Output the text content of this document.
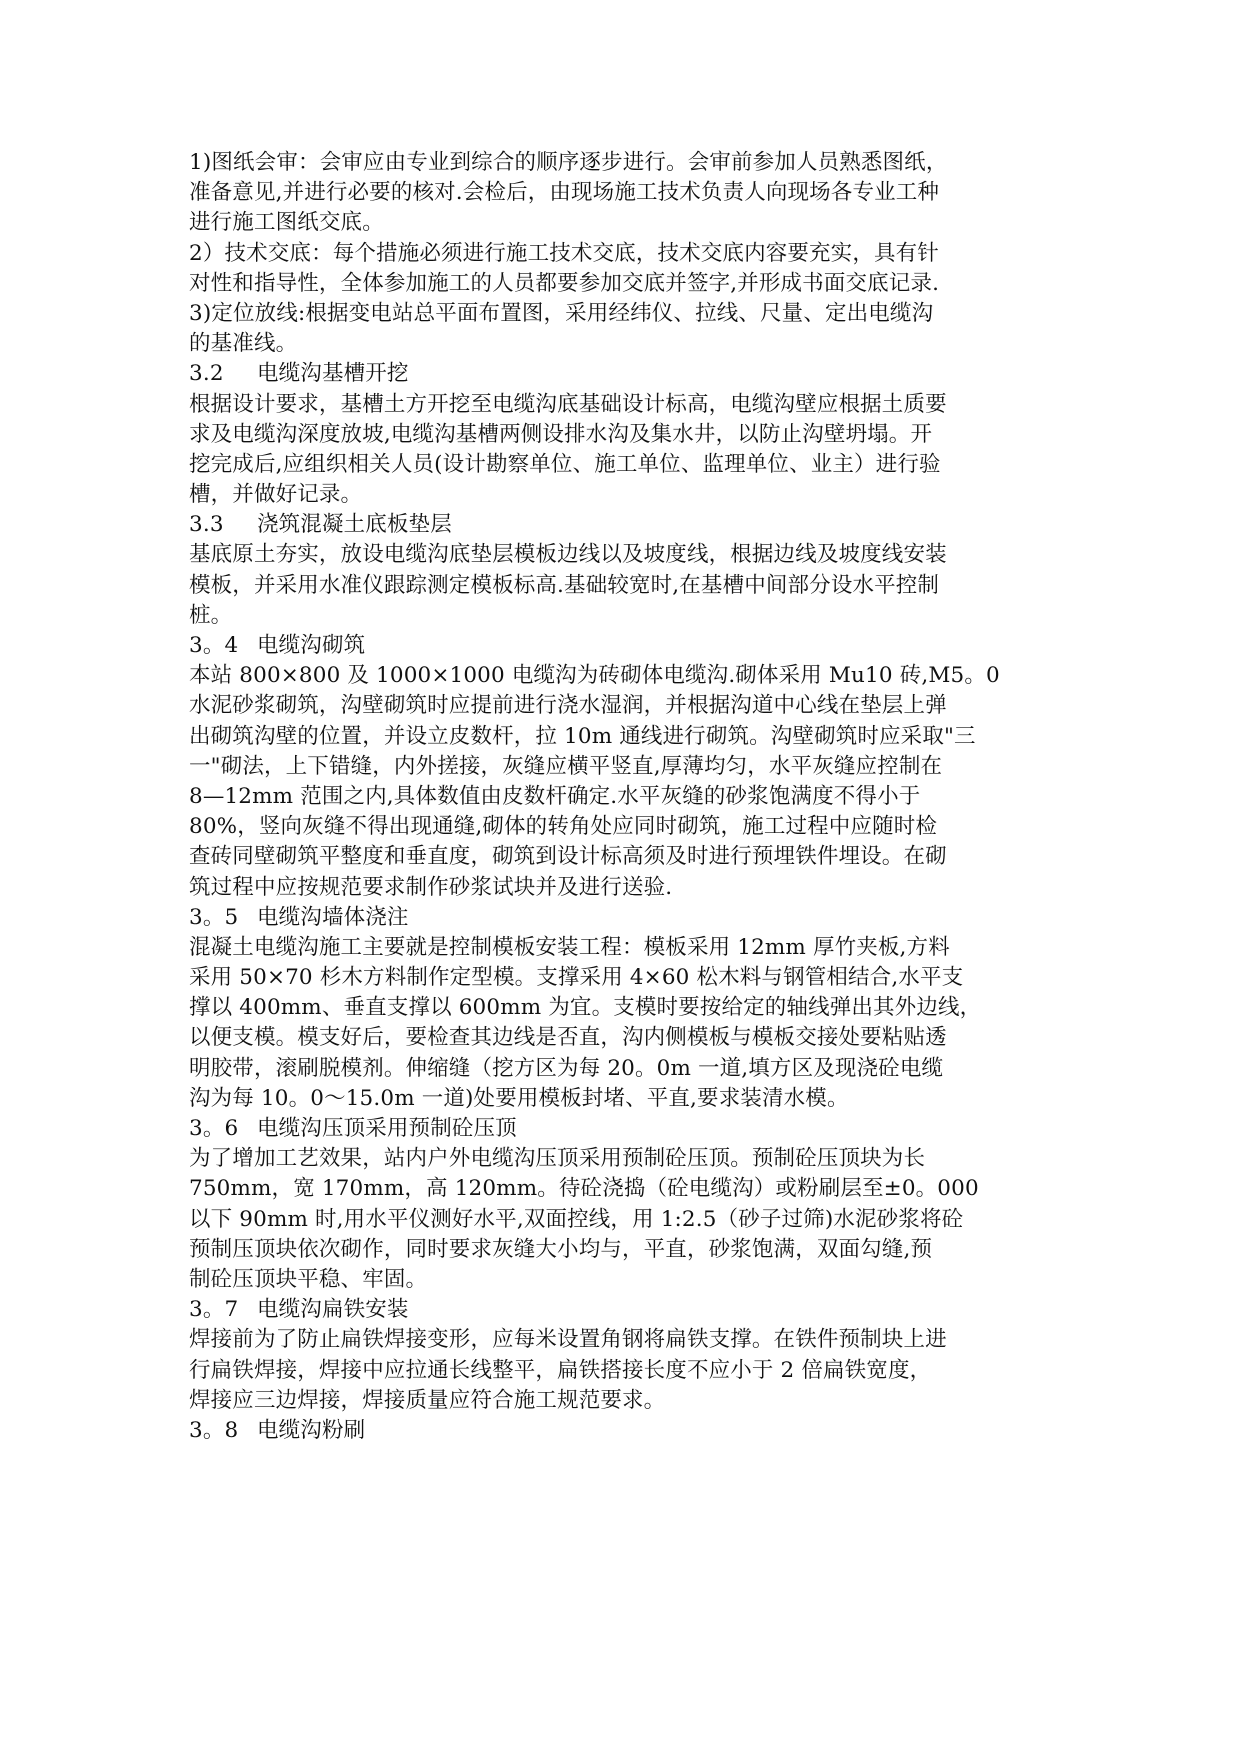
1)图纸会审：会审应由专业到综合的顺序逐步进行。会审前参加人员熟悉图纸，
准备意见,并进行必要的核对.会检后，由现场施工技术负责人向现场各专业工种
进行施工图纸交底。
2）技术交底：每个措施必须进行施工技术交底，技术交底内容要充实，具有针
对性和指导性，全体参加施工的人员都要参加交底并签字,并形成书面交底记录.
3)定位放线:根据变电站总平面布置图，采用经纬仪、拉线、尺量、定出电缆沟
的基准线。
3.2 电缆沟基槽开挖
根据设计要求，基槽土方开挖至电缆沟底基础设计标高，电缆沟壁应根据土质要
求及电缆沟深度放坡,电缆沟基槽两侧设排水沟及集水井，以防止沟壁坍塌。开
挖完成后,应组织相关人员(设计勘察单位、施工单位、监理单位、业主）进行验
槽，并做好记录。
3.3 浇筑混凝土底板垫层
基底原土夯实，放设电缆沟底垫层模板边线以及坡度线，根据边线及坡度线安装
模板，并采用水准仪跟踪测定模板标高.基础较宽时,在基槽中间部分设水平控制
桩。
3。4 电缆沟砌筑
本站 800×800 及 1000×1000 电缆沟为砖砌体电缆沟.砌体采用 Mu10 砖,M5。0
水泥砂浆砌筑，沟壁砌筑时应提前进行浇水湿润，并根据沟道中心线在垫层上弹
出砌筑沟壁的位置，并设立皮数杆，拉 10m 通线进行砌筑。沟壁砌筑时应采取"三
一"砌法，上下错缝，内外搓接，灰缝应横平竖直,厚薄均匀，水平灰缝应控制在
8—12mm 范围之内,具体数值由皮数杆确定.水平灰缝的砂浆饱满度不得小于
80%，竖向灰缝不得出现通缝,砌体的转角处应同时砌筑，施工过程中应随时检
查砖同壁砌筑平整度和垂直度，砌筑到设计标高须及时进行预埋铁件埋设。在砌
筑过程中应按规范要求制作砂浆试块并及进行送验.
3。5 电缆沟墙体浇注
混凝土电缆沟施工主要就是控制模板安装工程：模板采用 12mm 厚竹夹板,方料
采用 50×70 杉木方料制作定型模。支撑采用 4×60 松木料与钢管相结合,水平支
撑以 400mm、垂直支撑以 600mm 为宜。支模时要按给定的轴线弹出其外边线，
以便支模。模支好后，要检查其边线是否直，沟内侧模板与模板交接处要粘贴透
明胶带，滚刷脱模剂。伸缩缝（挖方区为每 20。0m 一道,填方区及现浇砼电缆
沟为每 10。0～15.0m 一道)处要用模板封堵、平直,要求装清水模。
3。6 电缆沟压顶采用预制砼压顶
为了增加工艺效果，站内户外电缆沟压顶采用预制砼压顶。预制砼压顶块为长
750mm，宽 170mm，高 120mm。待砼浇捣（砼电缆沟）或粉刷层至±0。000
以下 90mm 时,用水平仪测好水平,双面控线，用 1:2.5（砂子过筛)水泥砂浆将砼
预制压顶块依次砌作，同时要求灰缝大小均与，平直，砂浆饱满，双面勾缝,预
制砼压顶块平稳、牢固。
3。7 电缆沟扁铁安装
焊接前为了防止扁铁焊接变形，应每米设置角钢将扁铁支撑。在铁件预制块上进
行扁铁焊接，焊接中应拉通长线整平，扁铁搭接长度不应小于 2 倍扁铁宽度，
焊接应三边焊接，焊接质量应符合施工规范要求。
3。8 电缆沟粉刷
